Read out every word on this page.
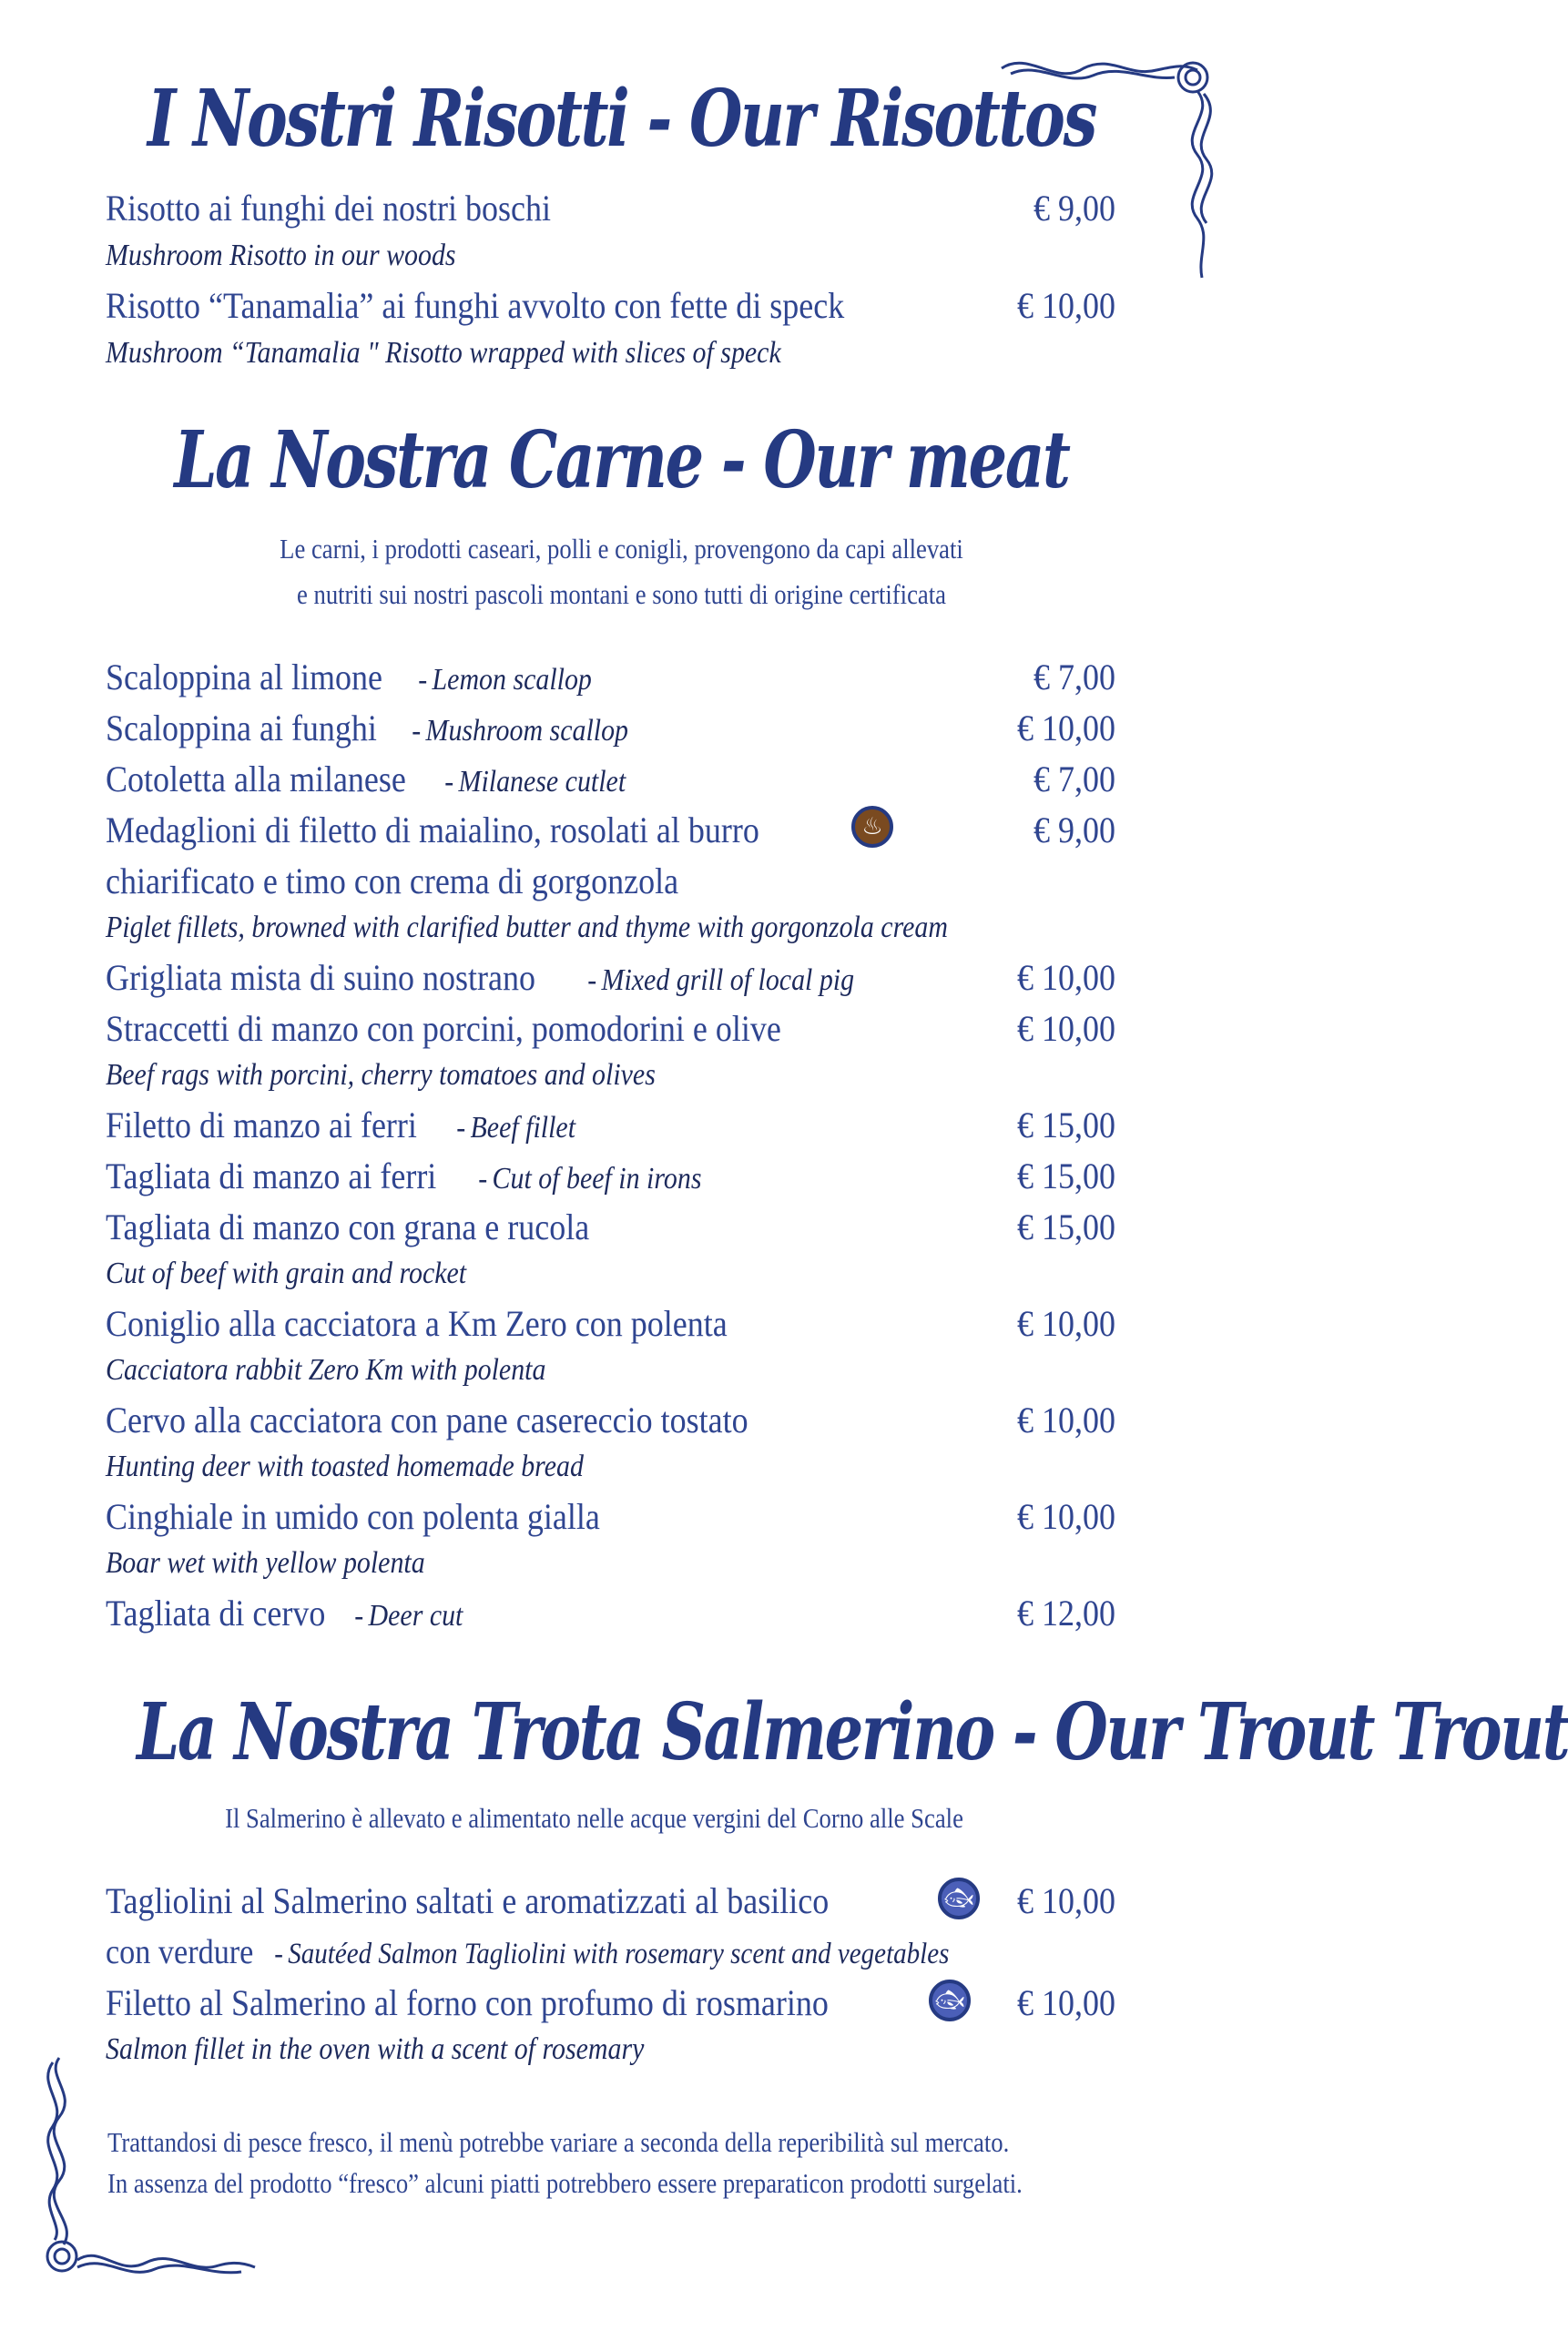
I Nostri Risotti - Our Risottos
Risotto ai funghi dei nostri boschi	€ 9,00
Mushroom Risotto in our woods
Risotto “Tanamalia” ai funghi avvolto con fette di speck	€ 10,00
Mushroom “Tanamalia " Risotto wrapped with slices of speck
La Nostra Carne - Our meat
Le carni, i prodotti caseari, polli e conigli, provengono da capi allevati
e nutriti sui nostri pascoli montani e sono tutti di origine certificata
Scaloppina al limone - Lemon scallop	€ 7,00
Scaloppina ai funghi - Mushroom scallop	€ 10,00
Cotoletta alla milanese - Milanese cutlet	€ 7,00
Medaglioni di filetto di maialino, rosolati al burro	♨	€ 9,00
chiarificato e timo con crema di gorgonzola
Piglet fillets, browned with clarified butter and thyme with gorgonzola cream
Grigliata mista di suino nostrano - Mixed grill of local pig	€ 10,00
Straccetti di manzo con porcini, pomodorini e olive	€ 10,00
Beef rags with porcini, cherry tomatoes and olives
Filetto di manzo ai ferri - Beef fillet	€ 15,00
Tagliata di manzo ai ferri - Cut of beef in irons	€ 15,00
Tagliata di manzo con grana e rucola	€ 15,00
Cut of beef with grain and rocket
Coniglio alla cacciatora a Km Zero con polenta	€ 10,00
Cacciatora rabbit Zero Km with polenta
Cervo alla cacciatora con pane casereccio tostato	€ 10,00
Hunting deer with toasted homemade bread
Cinghiale in umido con polenta gialla	€ 10,00
Boar wet with yellow polenta
Tagliata di cervo - Deer cut	€ 12,00
La Nostra Trota Salmerino - Our Trout Trout
Il Salmerino è allevato e alimentato nelle acque vergini del Corno alle Scale
Tagliolini al Salmerino saltati e aromatizzati al basilico	🐟︎ € 10,00
con verdure - Sautéed Salmon Tagliolini with rosemary scent and vegetables
Filetto al Salmerino al forno con profumo di rosmarino	🐟︎ € 10,00
Salmon fillet in the oven with a scent of rosemary
Trattandosi di pesce fresco, il menù potrebbe variare a seconda della reperibilità sul mercato.
In assenza del prodotto “fresco” alcuni piatti potrebbero essere preparaticon prodotti surgelati.
